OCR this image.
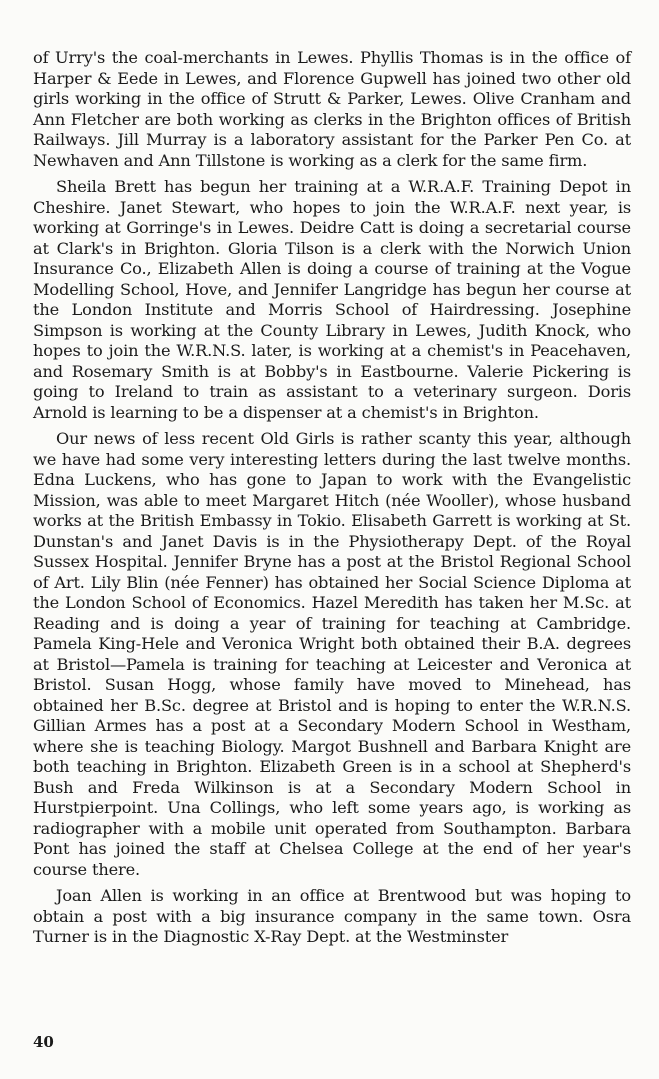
of Urry's the coal-merchants in Lewes. Phyllis Thomas is in the office of Harper & Eede in Lewes, and Florence Gupwell has joined two other old girls working in the office of Strutt & Parker, Lewes. Olive Cranham and Ann Fletcher are both working as clerks in the Brighton offices of British Railways. Jill Murray is a laboratory assistant for the Parker Pen Co. at Newhaven and Ann Tillstone is working as a clerk for the same firm.

Sheila Brett has begun her training at a W.R.A.F. Training Depot in Cheshire. Janet Stewart, who hopes to join the W.R.A.F. next year, is working at Gorringe's in Lewes. Deidre Catt is doing a secretarial course at Clark's in Brighton. Gloria Tilson is a clerk with the Norwich Union Insurance Co., Elizabeth Allen is doing a course of training at the Vogue Modelling School, Hove, and Jennifer Langridge has begun her course at the London Institute and Morris School of Hairdressing. Josephine Simpson is working at the County Library in Lewes, Judith Knock, who hopes to join the W.R.N.S. later, is working at a chemist's in Peacehaven, and Rosemary Smith is at Bobby's in Eastbourne. Valerie Pickering is going to Ireland to train as assistant to a veterinary surgeon. Doris Arnold is learning to be a dispenser at a chemist's in Brighton.

Our news of less recent Old Girls is rather scanty this year, although we have had some very interesting letters during the last twelve months. Edna Luckens, who has gone to Japan to work with the Evangelistic Mission, was able to meet Margaret Hitch (née Wooller), whose husband works at the British Embassy in Tokio. Elisabeth Garrett is working at St. Dunstan's and Janet Davis is in the Physiotherapy Dept. of the Royal Sussex Hospital. Jennifer Bryne has a post at the Bristol Regional School of Art. Lily Blin (née Fenner) has obtained her Social Science Diploma at the London School of Economics. Hazel Meredith has taken her M.Sc. at Reading and is doing a year of training for teaching at Cambridge. Pamela King-Hele and Veronica Wright both obtained their B.A. degrees at Bristol—Pamela is training for teaching at Leicester and Veronica at Bristol. Susan Hogg, whose family have moved to Minehead, has obtained her B.Sc. degree at Bristol and is hoping to enter the W.R.N.S. Gillian Armes has a post at a Secondary Modern School in Westham, where she is teaching Biology. Margot Bushnell and Barbara Knight are both teaching in Brighton. Elizabeth Green is in a school at Shepherd's Bush and Freda Wilkinson is at a Secondary Modern School in Hurstpierpoint. Una Collings, who left some years ago, is working as radiographer with a mobile unit operated from Southampton. Barbara Pont has joined the staff at Chelsea College at the end of her year's course there.

Joan Allen is working in an office at Brentwood but was hoping to obtain a post with a big insurance company in the same town. Osra Turner is in the Diagnostic X-Ray Dept. at the Westminster

40
